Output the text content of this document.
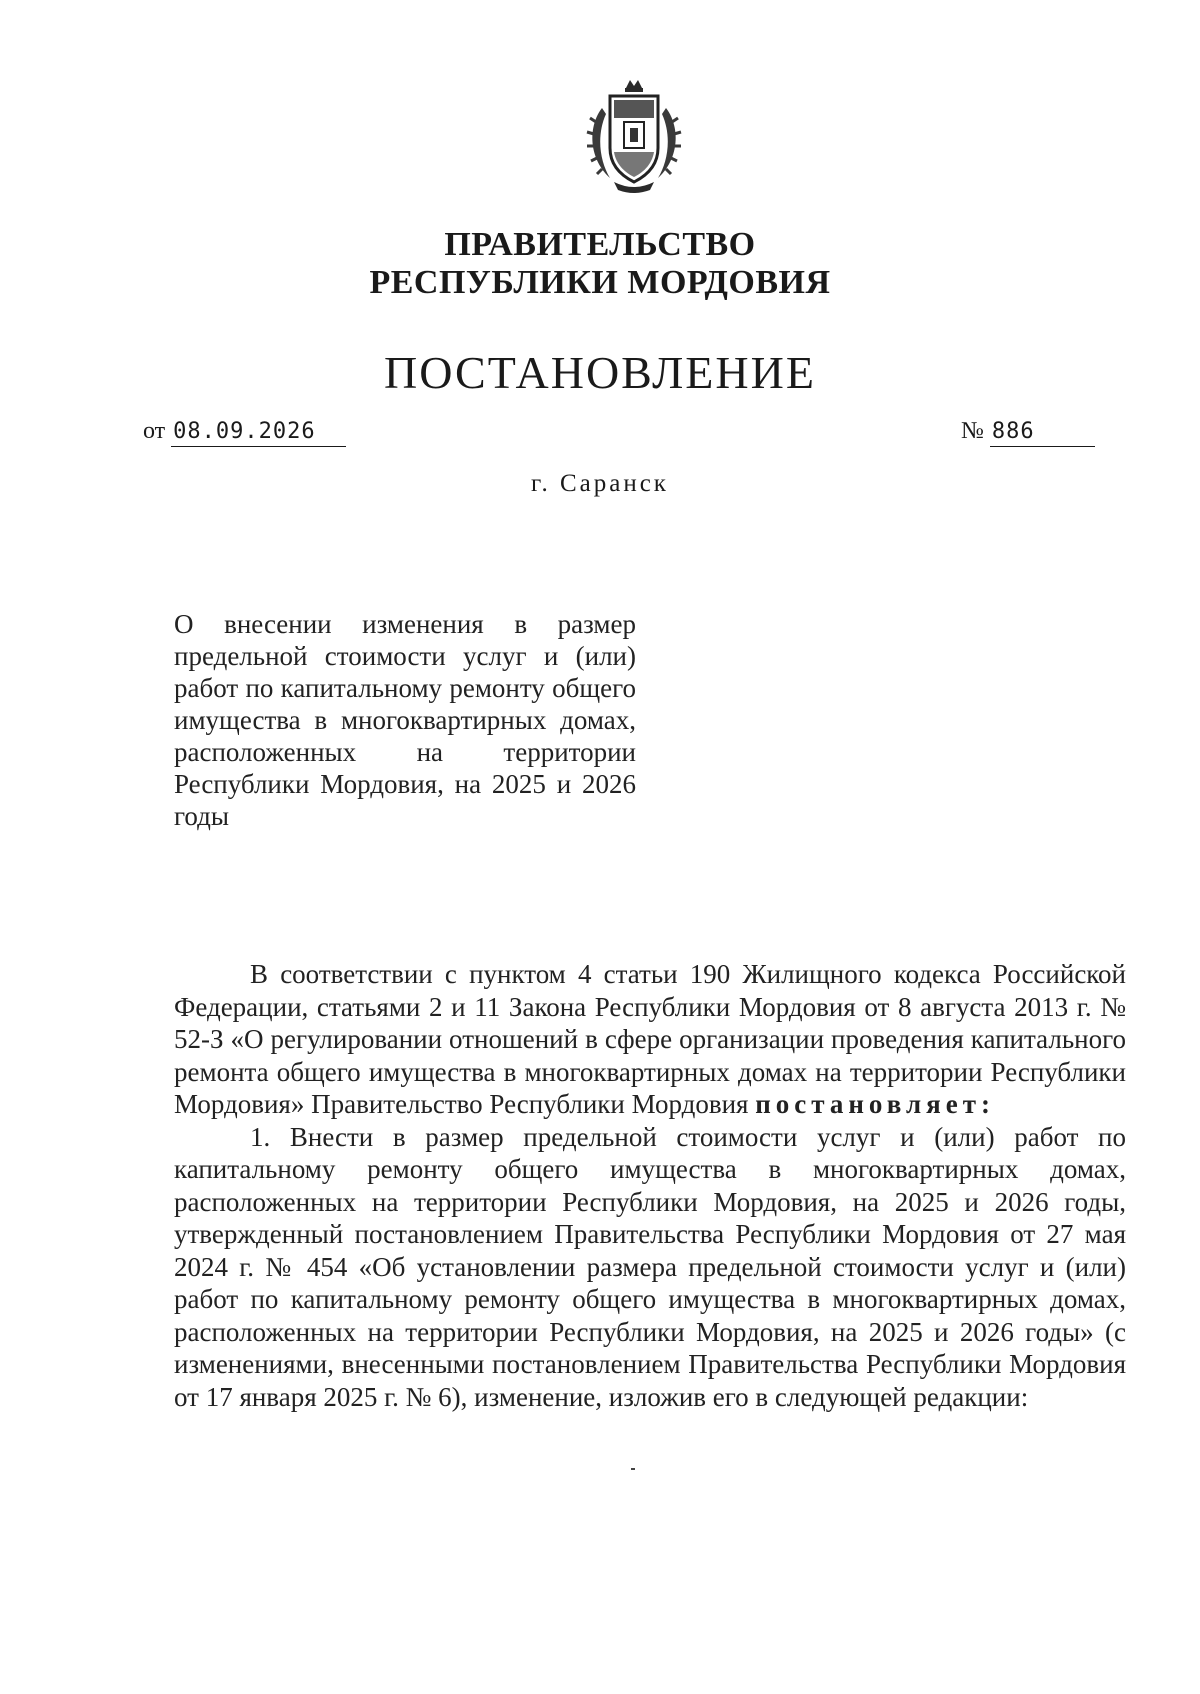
ПРАВИТЕЛЬСТВО
РЕСПУБЛИКИ МОРДОВИЯ
ПОСТАНОВЛЕНИЕ
от 08.09.2026	№ 886
г. Саранск
О внесении изменения в размер предельной стоимости услуг и (или) работ по капитальному ремонту общего имущества в многоквартирных домах, расположенных на территории Республики Мордовия, на 2025 и 2026 годы

В соответствии с пунктом 4 статьи 190 Жилищного кодекса Российской Федерации, статьями 2 и 11 Закона Республики Мордовия от 8 августа 2013 г. № 52-З «О регулировании отношений в сфере организации проведения капитального ремонта общего имущества в многоквартирных домах на территории Республики Мордовия» Правительство Республики Мордовия постановляет:

1. Внести в размер предельной стоимости услуг и (или) работ по капитальному ремонту общего имущества в многоквартирных домах, расположенных на территории Республики Мордовия, на 2025 и 2026 годы, утвержденный постановлением Правительства Республики Мордовия от 27 мая 2024 г. № 454 «Об установлении размера предельной стоимости услуг и (или) работ по капитальному ремонту общего имущества в многоквартирных домах, расположенных на территории Республики Мордовия, на 2025 и 2026 годы» (с изменениями, внесенными постановлением Правительства Республики Мордовия от 17 января 2025 г. № 6), изменение, изложив его в следующей редакции:
